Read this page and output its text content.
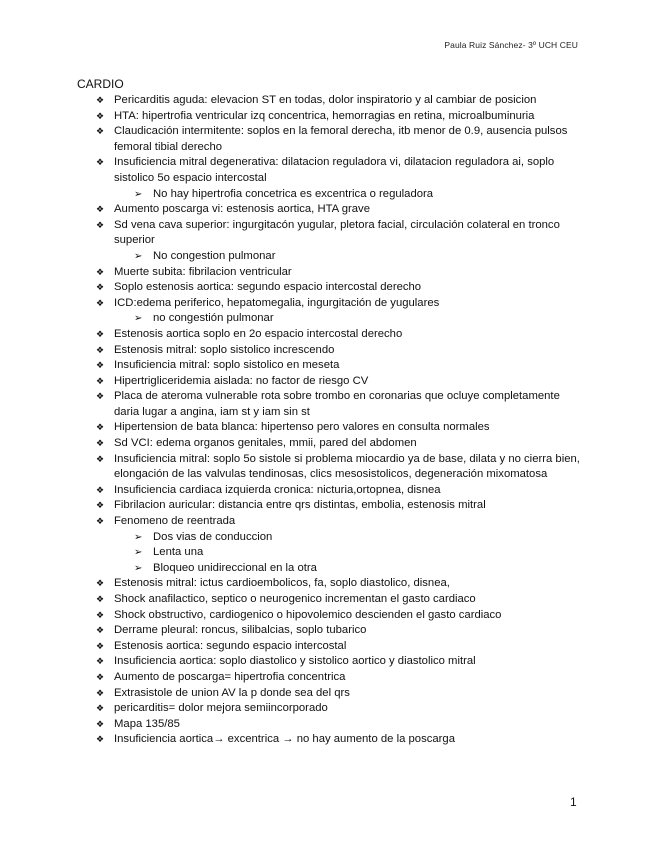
Paula Ruiz Sánchez- 3º UCH CEU
CARDIO
❖ Pericarditis aguda: elevacion ST en todas, dolor inspiratorio y al cambiar de posicion
❖ HTA: hipertrofia ventricular izq concentrica, hemorragias en retina, microalbuminuria
❖ Claudicación intermitente: soplos en la femoral derecha, itb menor de 0.9, ausencia pulsos femoral tibial derecho
❖ Insuficiencia mitral degenerativa: dilatacion reguladora vi, dilatacion reguladora ai, soplo sistolico 5o espacio intercostal
➢ No hay hipertrofia concetrica es excentrica o reguladora
❖ Aumento poscarga vi: estenosis aortica, HTA grave
❖ Sd vena cava superior: ingurgitacón yugular, pletora facial, circulación colateral en tronco superior
➢ No congestion pulmonar
❖ Muerte subita: fibrilacion ventricular
❖ Soplo estenosis aortica: segundo espacio intercostal derecho
❖ ICD:edema periferico, hepatomegalia, ingurgitación de yugulares
➢ no congestión pulmonar
❖ Estenosis aortica soplo en 2o espacio intercostal derecho
❖ Estenosis mitral: soplo sistolico increscendo
❖ Insuficiencia mitral: soplo sistolico en meseta
❖ Hipertrigliceridemia aislada: no factor de riesgo CV
❖ Placa de ateroma vulnerable rota sobre trombo en coronarias que ocluye completamente daria lugar a angina, iam st y iam sin st
❖ Hipertension de bata blanca: hipertenso pero valores en consulta normales
❖ Sd VCI: edema organos genitales, mmii, pared del abdomen
❖ Insuficiencia mitral: soplo 5o sistole si problema miocardio ya de base, dilata y no cierra bien, elongación de las valvulas tendinosas, clics mesosistolicos, degeneración mixomatosa
❖ Insuficiencia cardiaca izquierda cronica: nicturia,ortopnea, disnea
❖ Fibrilacion auricular: distancia entre qrs distintas, embolia, estenosis mitral
❖ Fenomeno de reentrada
➢ Dos vias de conduccion
➢ Lenta una
➢ Bloqueo unidireccional en la otra
❖ Estenosis mitral: ictus cardioembolicos, fa, soplo diastolico, disnea,
❖ Shock anafilactico, septico o neurogenico incrementan el gasto cardiaco
❖ Shock obstructivo, cardiogenico o hipovolemico descienden el gasto cardiaco
❖ Derrame pleural: roncus, silibalcias, soplo tubarico
❖ Estenosis aortica: segundo espacio intercostal
❖ Insuficiencia aortica: soplo diastolico y sistolico aortico y diastolico mitral
❖ Aumento de poscarga= hipertrofia concentrica
❖ Extrasistole de union AV la p donde sea del qrs
❖ pericarditis= dolor mejora semiincorporado
❖ Mapa 135/85
❖ Insuficiencia aortica→ excentrica → no hay aumento de la poscarga
1
